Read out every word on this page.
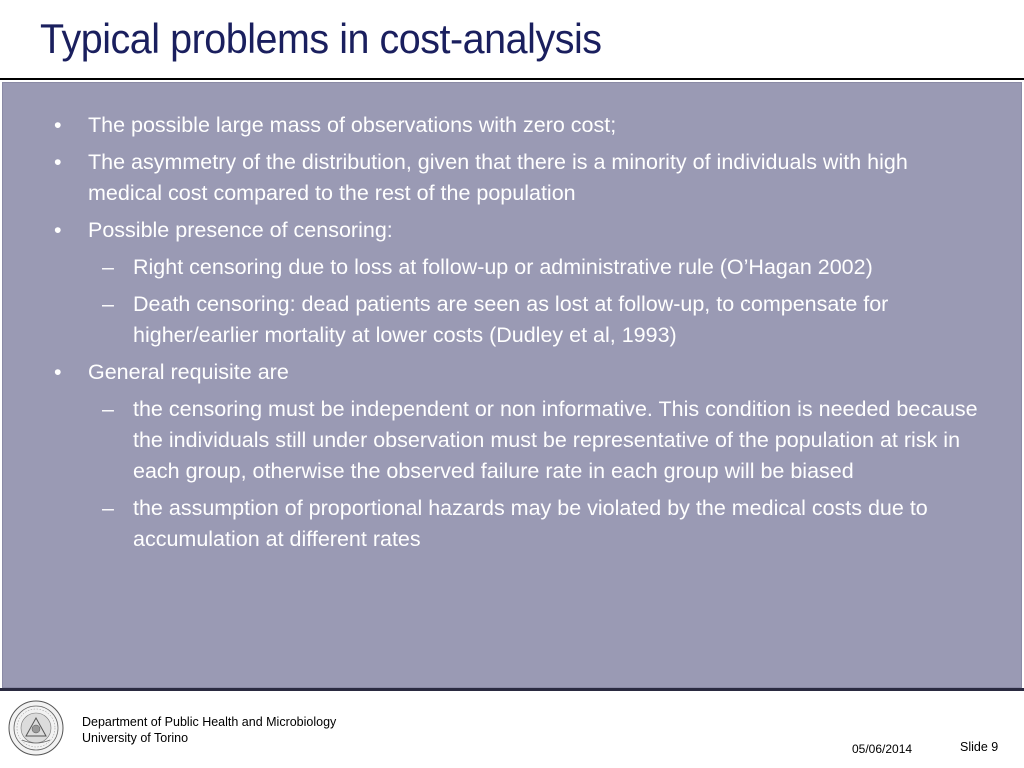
Typical problems in cost-analysis
• The possible large mass of observations with zero cost;
• The asymmetry of the distribution, given that there is a minority of individuals with high medical cost compared to the rest of the population
• Possible presence of censoring:
– Right censoring due to loss at follow-up or administrative rule (O’Hagan 2002)
– Death censoring: dead patients are seen as lost at follow-up, to compensate for higher/earlier mortality at lower costs (Dudley et al, 1993)
• General requisite are
– the censoring must be independent or non informative. This condition is needed because the individuals still under observation must be representative of the population at risk in each group, otherwise the observed failure rate in each group will be biased
– the assumption of proportional hazards may be violated by the medical costs due to accumulation at different rates
Department of Public Health and Microbiology
University of Torino
05/06/2014	Slide 9
